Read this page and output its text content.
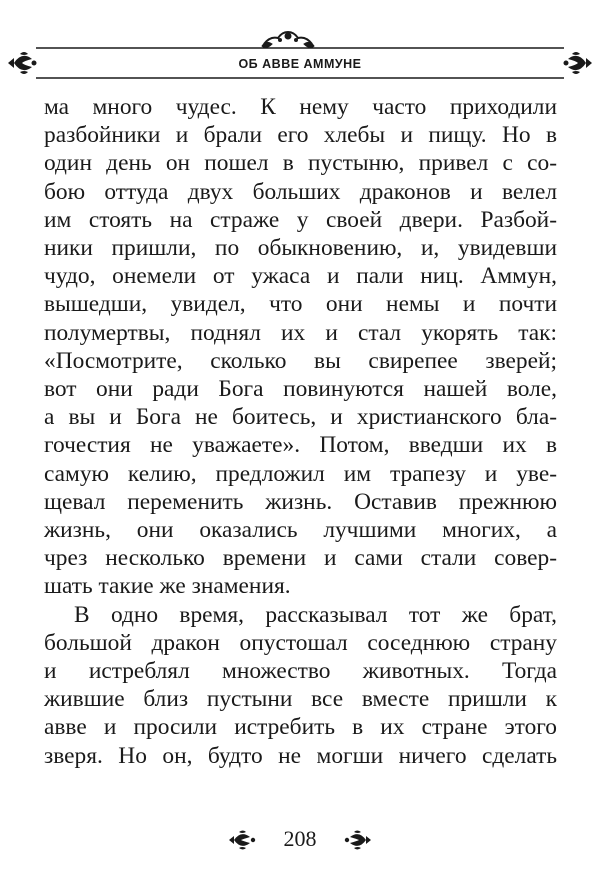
ОБ АВВЕ АММУНЕ
ма много чудес. К нему часто приходили
разбойники и брали его хлебы и пищу. Но в
один день он пошел в пустыню, привел с со-
бою оттуда двух больших драконов и велел
им стоять на страже у своей двери. Разбой-
ники пришли, по обыкновению, и, увидевши
чудо, онемели от ужаса и пали ниц. Аммун,
вышедши, увидел, что они немы и почти
полумертвы, поднял их и стал укорять так:
«Посмотрите, сколько вы свирепее зверей;
вот они ради Бога повинуются нашей воле,
а вы и Бога не боитесь, и христианского бла-
гочестия не уважаете». Потом, введши их в
самую келию, предложил им трапезу и уве-
щевал переменить жизнь. Оставив прежнюю
жизнь, они оказались лучшими многих, а
чрез несколько времени и сами стали совер-
шать такие же знамения.
В одно время, рассказывал тот же брат,
большой дракон опустошал соседнюю страну
и истреблял множество животных. Тогда
жившие близ пустыни все вместе пришли к
авве и просили истребить в их стране этого
зверя. Но он, будто не могши ничего сделать
208
